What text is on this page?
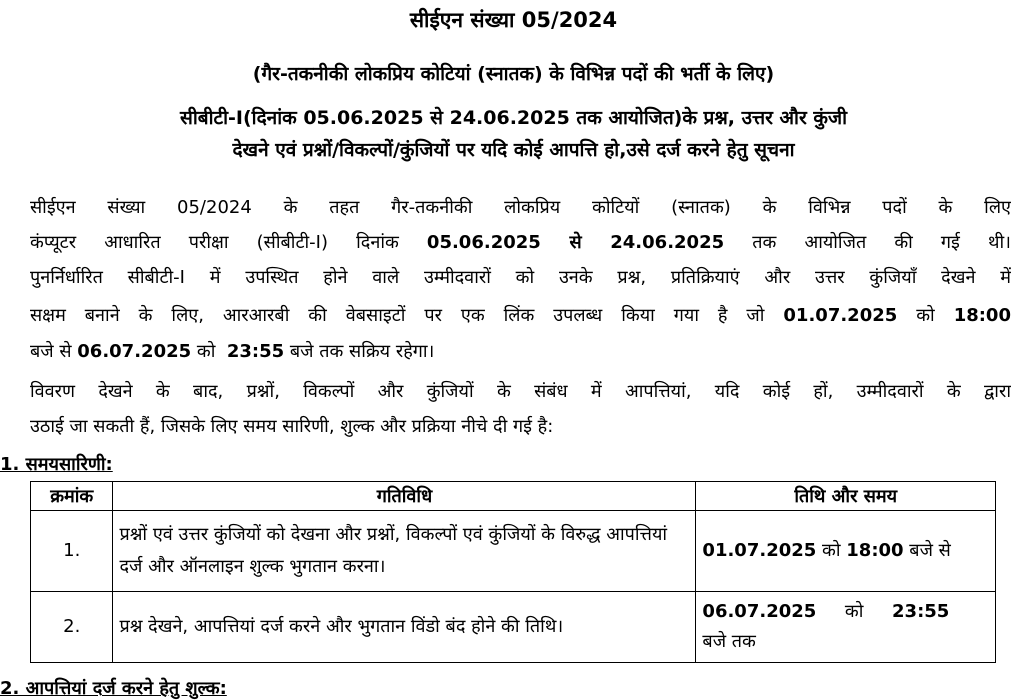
सीईएन संख्या 05/2024
(गैर-तकनीकी लोकप्रिय कोटियां (स्नातक) के विभिन्न पदों की भर्ती के लिए)
सीबीटी-I(दिनांक 05.06.2025 से 24.06.2025 तक आयोजित)के प्रश्न, उत्तर और कुंजी
देखने एवं प्रश्नों/विकल्पों/कुंजियों पर यदि कोई आपत्ति हो,उसे दर्ज करने हेतु सूचना
सीईएन संख्या 05/2024 के तहत गैर-तकनीकी लोकप्रिय कोटियों (स्नातक) के विभिन्न पदों के लिए
कंप्यूटर आधारित परीक्षा (सीबीटी-I) दिनांक 05.06.2025 से 24.06.2025 तक आयोजित की गई थी।
पुनर्निर्धारित सीबीटी-I में उपस्थित होने वाले उम्मीदवारों को उनके प्रश्न, प्रतिक्रियाएं और उत्तर कुंजियाँ देखने में
सक्षम बनाने के लिए, आरआरबी की वेबसाइटों पर एक लिंक उपलब्ध किया गया है जो 01.07.2025 को 18:00
बजे से 06.07.2025 को 23:55 बजे तक सक्रिय रहेगा।
विवरण देखने के बाद, प्रश्नों, विकल्पों और कुंजियों के संबंध में आपत्तियां, यदि कोई हों, उम्मीदवारों के द्वारा
उठाई जा सकती हैं, जिसके लिए समय सारिणी, शुल्क और प्रक्रिया नीचे दी गई है:
1. समयसारिणी:
क्रमांक	गतिविधि	तिथि और समय
1.	प्रश्नों एवं उत्तर कुंजियों को देखना और प्रश्नों, विकल्पों एवं कुंजियों के विरुद्ध आपत्तियां दर्ज और ऑनलाइन शुल्क भुगतान करना।	01.07.2025 को 18:00 बजे से
2.	प्रश्न देखने, आपत्तियां दर्ज करने और भुगतान विंडो बंद होने की तिथि।	06.07.2025 को 23:55    बजे तक
2. आपत्तियां दर्ज करने हेतु शुल्क:
